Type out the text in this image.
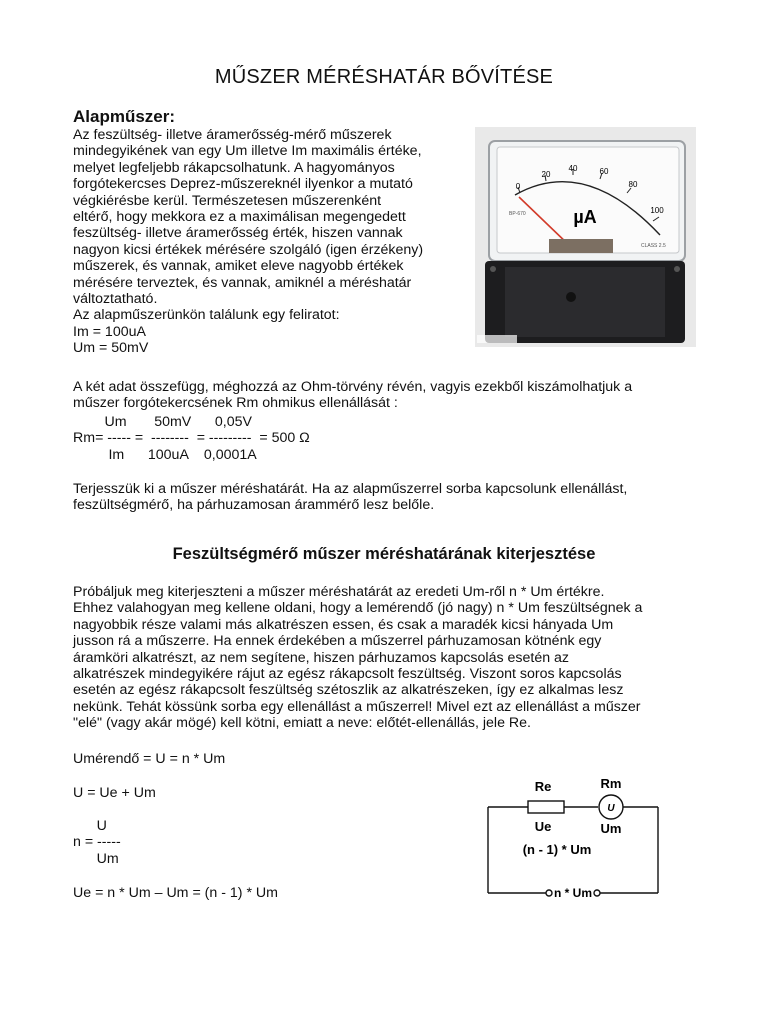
MŰSZER MÉRÉSHATÁR BŐVÍTÉSE
Alapműszer:
Az feszültség- illetve áramerősség-mérő műszerek
mindegyikének van egy Um illetve Im maximális értéke,
melyet legfeljebb rákapcsolhatunk. A hagyományos
forgótekercses Deprez-műszereknél ilyenkor a mutató
végkiérésbe kerül. Természetesen műszerenként
eltérő, hogy mekkora ez a maximálisan megengedett
feszültség- illetve áramerősség érték, hiszen vannak
nagyon kicsi értékek mérésére szolgáló (igen érzékeny)
műszerek, és vannak, amiket eleve nagyobb értékek
mérésére terveztek, és vannak, amiknél a méréshatár
változtatható.
Az alapműszerünkön találunk egy feliratot:
Im = 100uA
Um = 50mV
0
20
40	60
80
100
µA
BP-670
CLASS 2.5
A két adat összefügg, méghozzá az Ohm-törvény révén, vagyis ezekből kiszámolhatjuk a
műszer forgótekercsének Rm ohmikus ellenállását :
Um       50mV      0,05V
Rm= ----- =  --------  = ---------  = 500 Ω
Im      100uA    0,0001A
Terjesszük ki a műszer méréshatárát. Ha az alapműszerrel sorba kapcsolunk ellenállást,
feszültségmérő, ha párhuzamosan árammérő lesz belőle.
Feszültségmérő műszer méréshatárának kiterjesztése
Próbáljuk meg kiterjeszteni a műszer méréshatárát az eredeti Um-ről n * Um értékre.
Ehhez valahogyan meg kellene oldani, hogy a lemérendő (jó nagy) n * Um feszültségnek a
nagyobbik része valami más alkatrészen essen, és csak a maradék kicsi hányada Um
jusson rá a műszerre. Ha ennek érdekében a műszerrel párhuzamosan kötnénk egy
áramköri alkatrészt, az nem segítene, hiszen párhuzamos kapcsolás esetén az
alkatrészek mindegyikére rájut az egész rákapcsolt feszültség. Viszont soros kapcsolás
esetén az egész rákapcsolt feszültség szétoszlik az alkatrészeken, így ez alkalmas lesz
nekünk. Tehát kössünk sorba egy ellenállást a műszerrel! Mivel ezt az ellenállást a műszer
"elé" (vagy akár mögé) kell kötni, emiatt a neve: előtét-ellenállás, jele Re.
Umérendő = U = n * Um
U = Ue + Um
U
n = -----
Um
Ue = n * Um – Um = (n - 1) * Um
Re	Rm
U
Ue	Um
(n - 1) * Um
n * Um
